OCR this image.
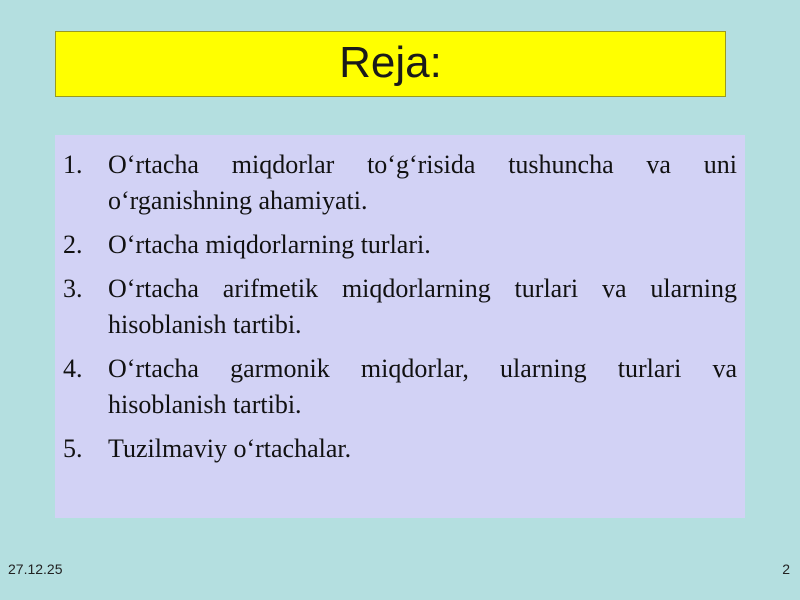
Reja:
1. O‘rtacha miqdorlar to‘g‘risida tushuncha va uni o‘rganishning ahamiyati.
2. O‘rtacha miqdorlarning turlari.
3. O‘rtacha arifmetik miqdorlarning turlari va ularning hisoblanish tartibi.
4. O‘rtacha garmonik miqdorlar, ularning turlari va hisoblanish tartibi.
5. Tuzilmaviy o‘rtachalar.
27.12.25	2
